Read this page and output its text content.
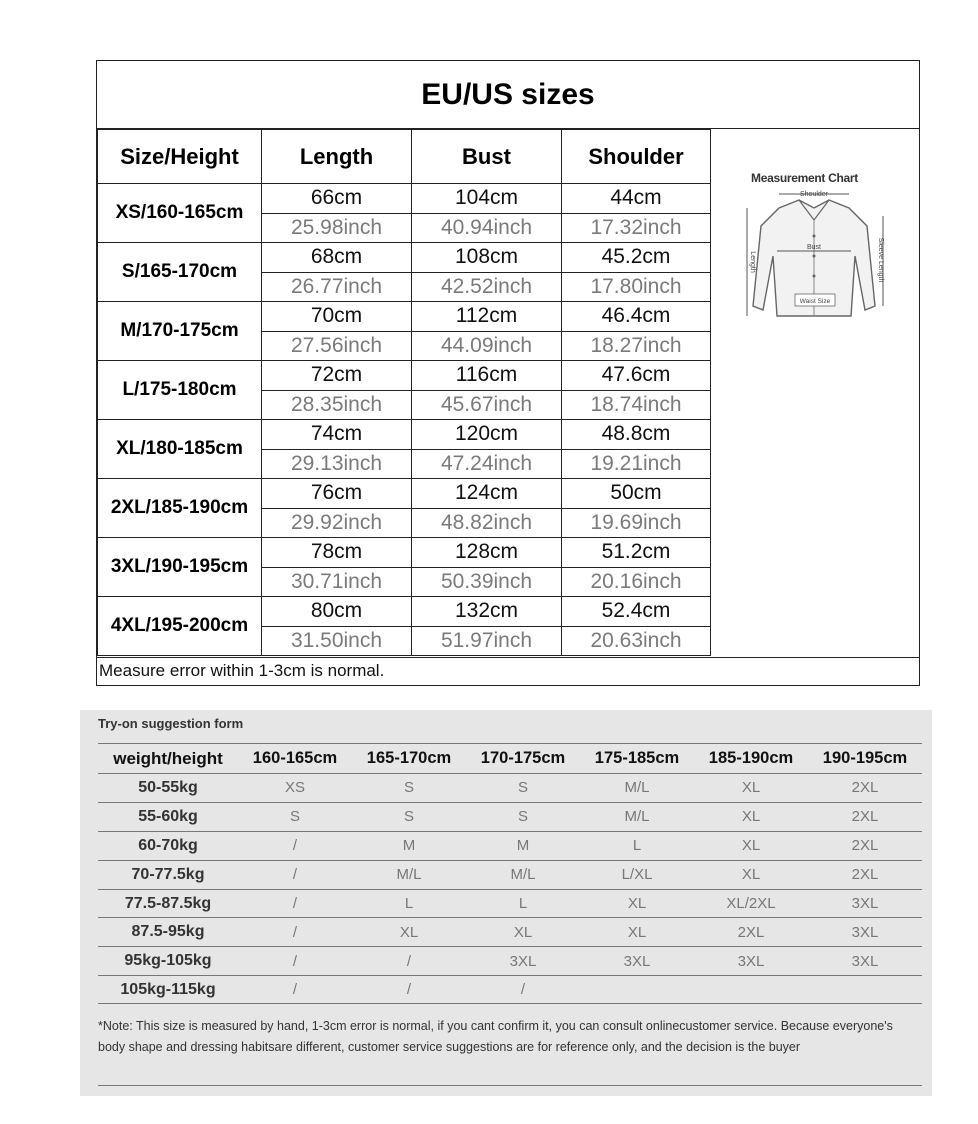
EU/US sizes
Size/Height	Length	Bust	Shoulder
XS/160-165cm	66cm	104cm	44cm
	25.98inch	40.94inch	17.32inch
S/165-170cm	68cm	108cm	45.2cm
	26.77inch	42.52inch	17.80inch
M/170-175cm	70cm	112cm	46.4cm
	27.56inch	44.09inch	18.27inch
L/175-180cm	72cm	116cm	47.6cm
	28.35inch	45.67inch	18.74inch
XL/180-185cm	74cm	120cm	48.8cm
	29.13inch	47.24inch	19.21inch
2XL/185-190cm	76cm	124cm	50cm
	29.92inch	48.82inch	19.69inch
3XL/190-195cm	78cm	128cm	51.2cm
	30.71inch	50.39inch	20.16inch
4XL/195-200cm	80cm	132cm	52.4cm
	31.50inch	51.97inch	20.63inch
Measurement Chart
Shoulder
Bust
Length	Sleeve Length
Waist Size
Measure error within 1-3cm is normal.
Try-on suggestion form
weight/height	160-165cm	165-170cm	170-175cm	175-185cm	185-190cm	190-195cm
50-55kg	XS	S	S	M/L	XL	2XL
55-60kg	S	S	S	M/L	XL	2XL
60-70kg	/	M	M	L	XL	2XL
70-77.5kg	/	M/L	M/L	L/XL	XL	2XL
77.5-87.5kg	/	L	L	XL	XL/2XL	3XL
87.5-95kg	/	XL	XL	XL	2XL	3XL
95kg-105kg	/	/	3XL	3XL	3XL	3XL
105kg-115kg	/	/	/
*Note: This size is measured by hand, 1-3cm error is normal, if you cant confirm it, you can consult onlinecustomer service. Because everyone's body shape and dressing habitsare different, customer service suggestions are for reference only, and the decision is the buyer
